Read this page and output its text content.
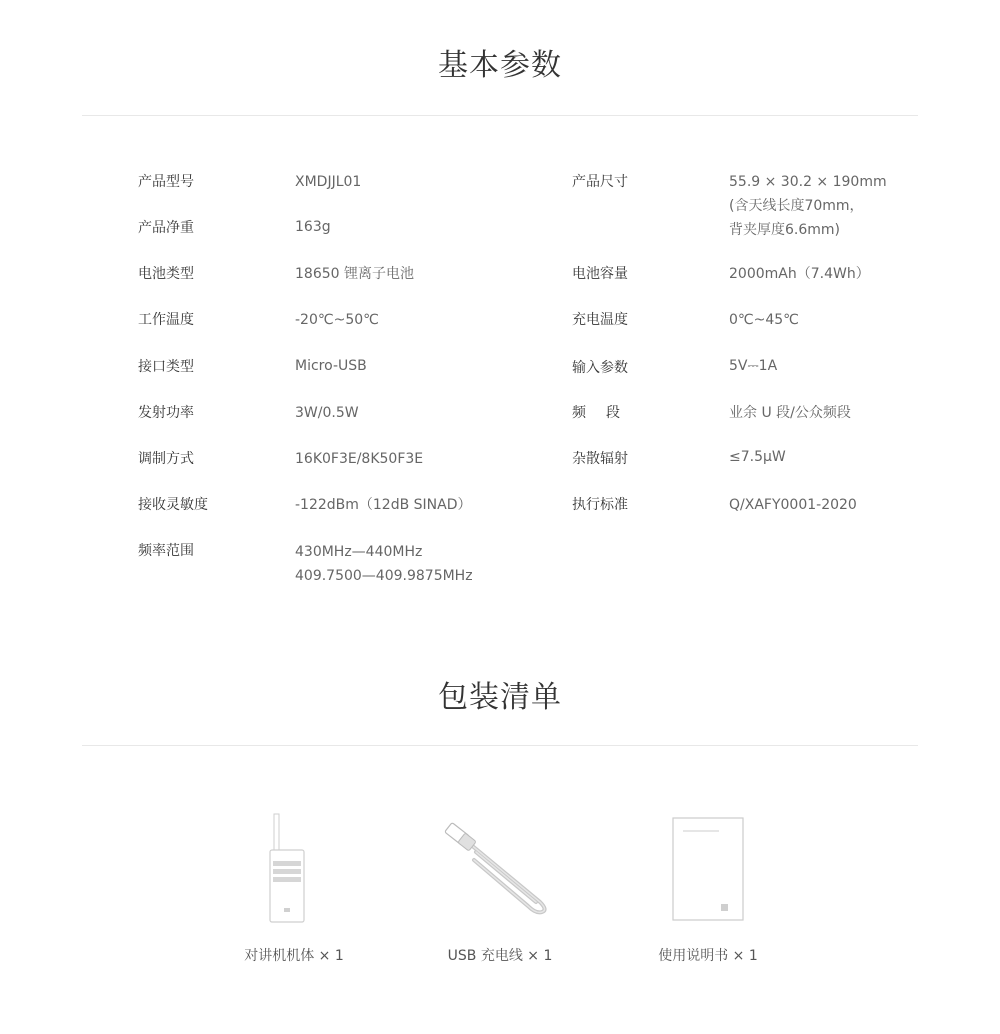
基本参数
产品型号	XMDJJL01
产品净重	163g
电池类型	18650 锂离子电池
工作温度	-20℃~50℃
接口类型	Micro-USB
发射功率	3W/0.5W
调制方式	16K0F3E/8K50F3E
接收灵敏度	-122dBm（12dB SINAD）
频率范围	430MHz—440MHz
409.7500—409.9875MHz
产品尺寸	55.9 × 30.2 × 190mm
(含天线长度70mm，
背夹厚度6.6mm)
电池容量	2000mAh（7.4Wh）
充电温度	0℃~45℃
输入参数	5V⎓1A
频段	业余 U 段/公众频段
杂散辐射	≤7.5μW
执行标准	Q/XAFY0001-2020
包装清单
对讲机机体 × 1	USB 充电线 × 1	使用说明书 × 1
